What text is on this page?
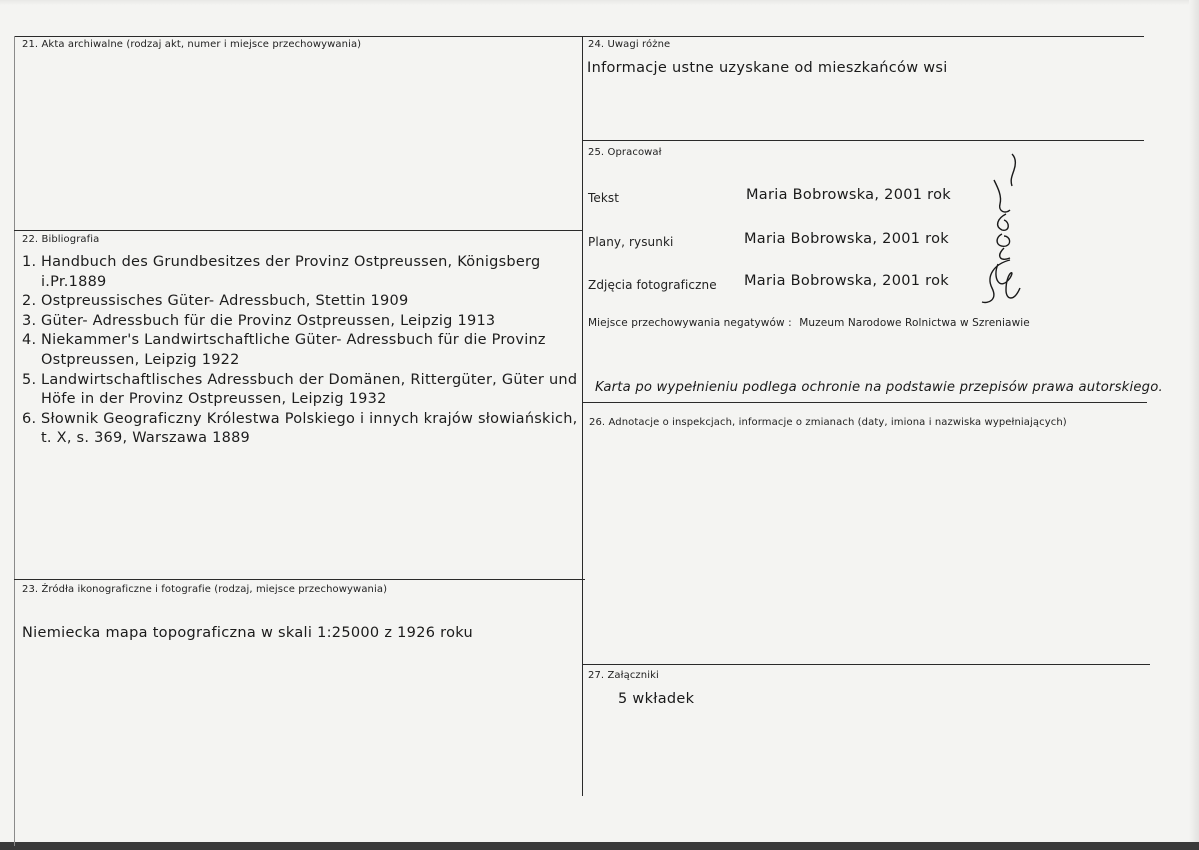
21. Akta archiwalne (rodzaj akt, numer i miejsce przechowywania)
22. Bibliografia
1. Handbuch des Grundbesitzes der Provinz Ostpreussen, Königsberg
i.Pr.1889
2. Ostpreussisches Güter- Adressbuch, Stettin 1909
3. Güter- Adressbuch für die Provinz Ostpreussen, Leipzig 1913
4. Niekammer's Landwirtschaftliche Güter- Adressbuch für die Provinz
Ostpreussen, Leipzig 1922
5. Landwirtschaftlisches Adressbuch der Domänen, Rittergüter, Güter und
Höfe in der Provinz Ostpreussen, Leipzig 1932
6. Słownik Geograficzny Królestwa Polskiego i innych krajów słowiańskich,
t. X, s. 369, Warszawa 1889
23. Źródła ikonograficzne i fotografie (rodzaj, miejsce przechowywania)
Niemiecka mapa topograficzna w skali 1:25000 z 1926 roku
24. Uwagi różne
Informacje ustne uzyskane od mieszkańców wsi
25. Opracował
Tekst	Maria Bobrowska, 2001 rok
Plany, rysunki	Maria Bobrowska, 2001 rok
Zdjęcia fotograficzne Maria Bobrowska, 2001 rok
Miejsce przechowywania negatywów : Muzeum Narodowe Rolnictwa w Szreniawie
Karta po wypełnieniu podlega ochronie na podstawie przepisów prawa autorskiego.
26. Adnotacje o inspekcjach, informacje o zmianach (daty, imiona i nazwiska wypełniających)
27. Załączniki
5 wkładek
